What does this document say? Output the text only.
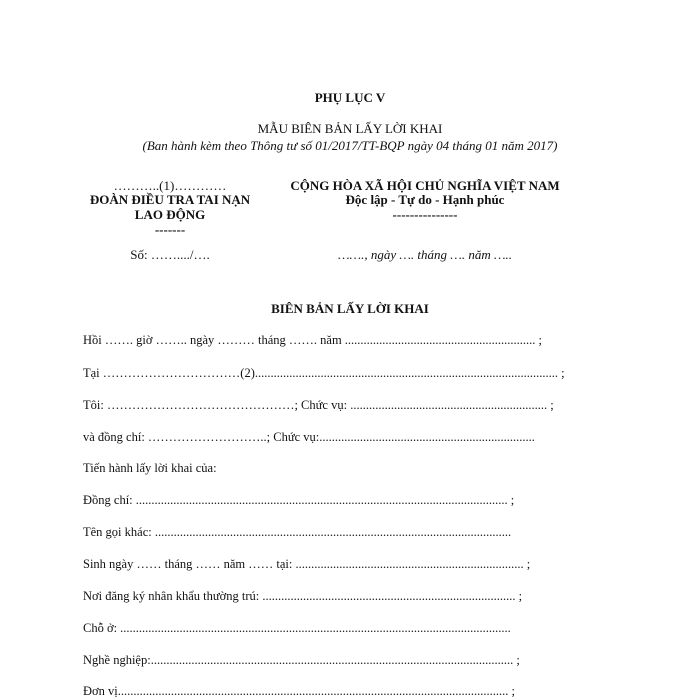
PHỤ LỤC V
MẪU BIÊN BẢN LẤY LỜI KHAI
(Ban hành kèm theo Thông tư số 01/2017/TT-BQP ngày 04 tháng 01 năm 2017)
………..(1)…………
ĐOÀN ĐIỀU TRA TAI NẠN
LAO ĐỘNG
-------
Số: ……..../….
CỘNG HÒA XÃ HỘI CHỦ NGHĨA VIỆT NAM
Độc lập - Tự do - Hạnh phúc
---------------
……., ngày …. tháng …. năm …..
BIÊN BẢN LẤY LỜI KHAI
Hồi ……. giờ …….. ngày ……… tháng ……. năm ............................................................. ;
Tại ……………………………(2)................................................................................................. ;
Tôi: ………………………………………; Chức vụ: ............................................................... ;
và đồng chí: ………………………..; Chức vụ:.....................................................................
Tiến hành lấy lời khai của:
Đồng chí: ....................................................................................................................... ;
Tên gọi khác: ..................................................................................................................
Sinh ngày …… tháng …… năm …… tại: ......................................................................... ;
Nơi đăng ký nhân khẩu thường trú: ................................................................................. ;
Chỗ ở: .............................................................................................................................
Nghề nghiệp:.................................................................................................................... ;
Đơn vị............................................................................................................................. ;
